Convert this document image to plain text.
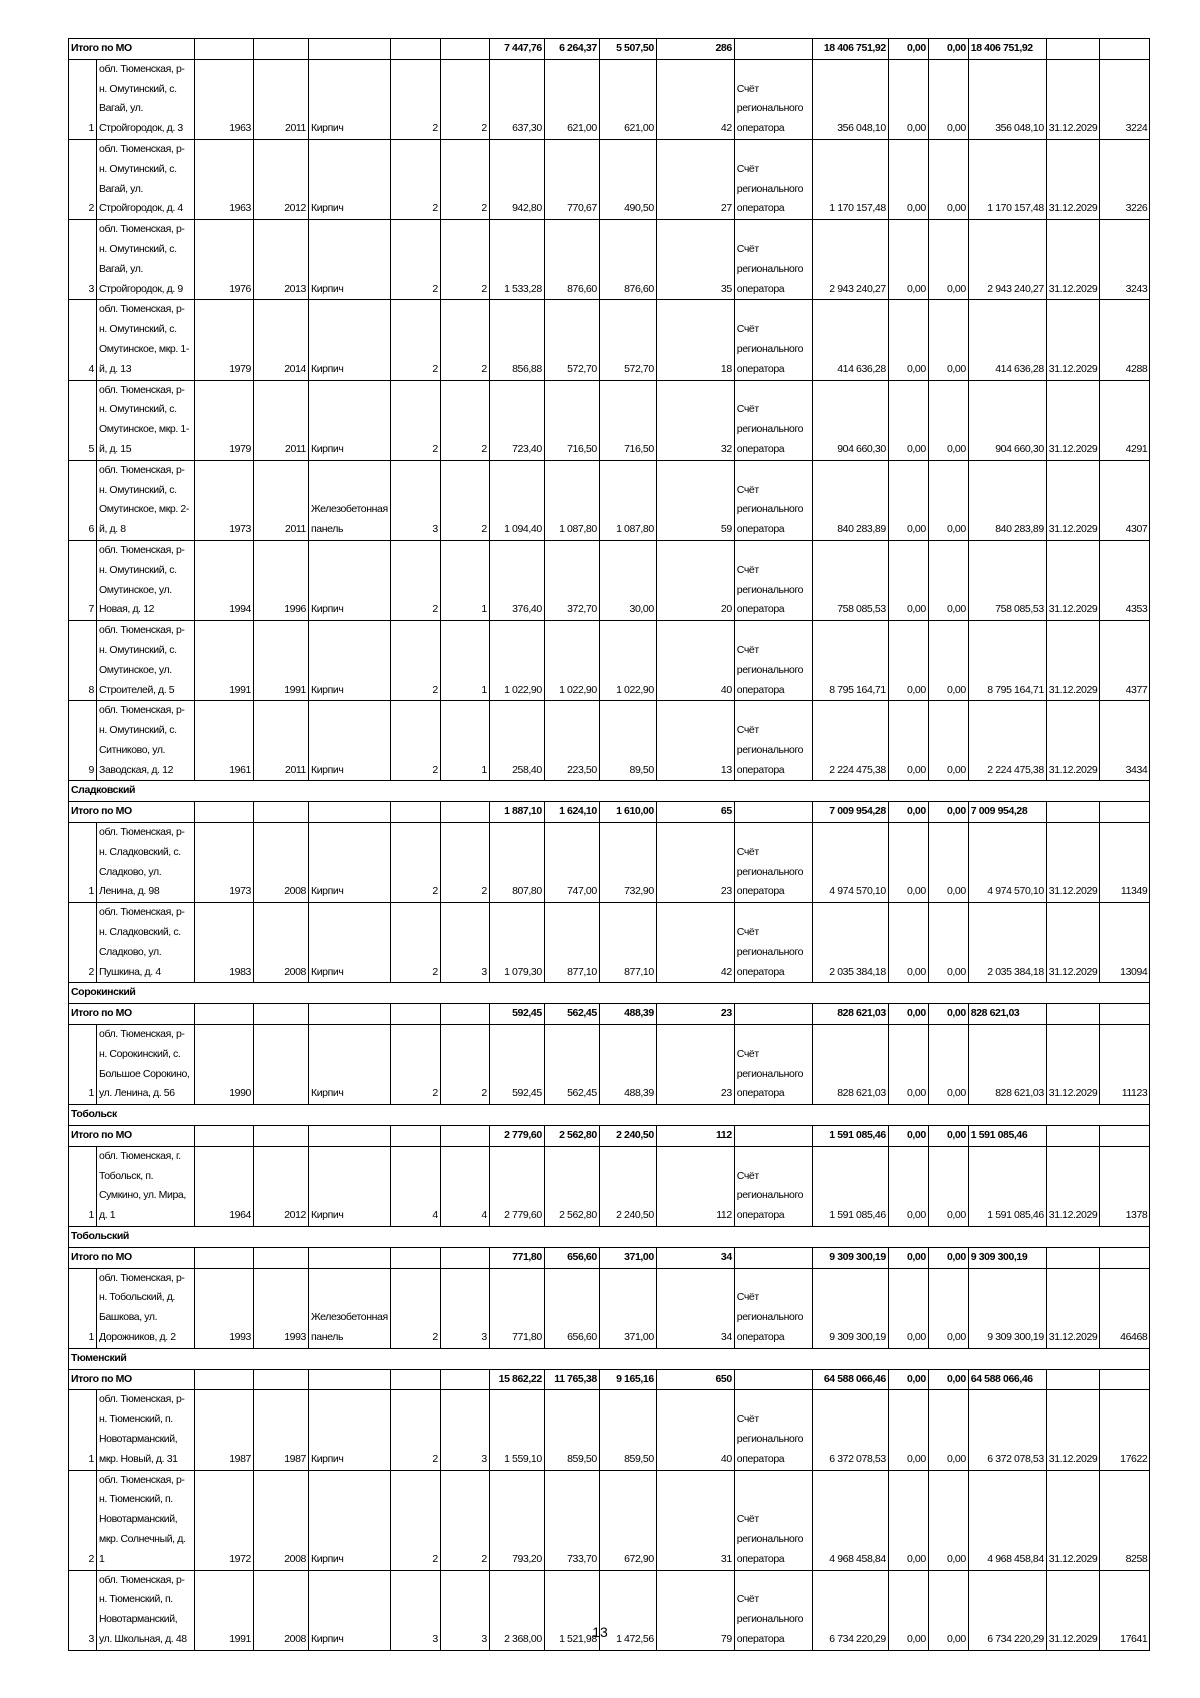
Итого по МО							7 447,76	6 264,37	5 507,50	286		18 406 751,92	0,00	0,00	18 406 751,92		
1	обл. Тюменская, р-н. Омутинский, с. Вагай, ул. Стройгородок, д. 3	1963	2011	Кирпич	2	2	637,30	621,00	621,00	42	Счёт регионального оператора	356 048,10	0,00	0,00	356 048,10	31.12.2029	3224
2	обл. Тюменская, р-н. Омутинский, с. Вагай, ул. Стройгородок, д. 4	1963	2012	Кирпич	2	2	942,80	770,67	490,50	27	Счёт регионального оператора	1 170 157,48	0,00	0,00	1 170 157,48	31.12.2029	3226
3	обл. Тюменская, р-н. Омутинский, с. Вагай, ул. Стройгородок, д. 9	1976	2013	Кирпич	2	2	1 533,28	876,60	876,60	35	Счёт регионального оператора	2 943 240,27	0,00	0,00	2 943 240,27	31.12.2029	3243
4	обл. Тюменская, р-н. Омутинский, с. Омутинское, мкр. 1-й, д. 13	1979	2014	Кирпич	2	2	856,88	572,70	572,70	18	Счёт регионального оператора	414 636,28	0,00	0,00	414 636,28	31.12.2029	4288
5	обл. Тюменская, р-н. Омутинский, с. Омутинское, мкр. 1-й, д. 15	1979	2011	Кирпич	2	2	723,40	716,50	716,50	32	Счёт регионального оператора	904 660,30	0,00	0,00	904 660,30	31.12.2029	4291
6	обл. Тюменская, р-н. Омутинский, с. Омутинское, мкр. 2-й, д. 8	1973	2011	Железобетонная панель	3	2	1 094,40	1 087,80	1 087,80	59	Счёт регионального оператора	840 283,89	0,00	0,00	840 283,89	31.12.2029	4307
7	обл. Тюменская, р-н. Омутинский, с. Омутинское, ул. Новая, д. 12	1994	1996	Кирпич	2	1	376,40	372,70	30,00	20	Счёт регионального оператора	758 085,53	0,00	0,00	758 085,53	31.12.2029	4353
8	обл. Тюменская, р-н. Омутинский, с. Омутинское, ул. Строителей, д. 5	1991	1991	Кирпич	2	1	1 022,90	1 022,90	1 022,90	40	Счёт регионального оператора	8 795 164,71	0,00	0,00	8 795 164,71	31.12.2029	4377
9	обл. Тюменская, р-н. Омутинский, с. Ситниково, ул. Заводская, д. 12	1961	2011	Кирпич	2	1	258,40	223,50	89,50	13	Счёт регионального оператора	2 224 475,38	0,00	0,00	2 224 475,38	31.12.2029	3434
Сладковский																	
Итого по МО							1 887,10	1 624,10	1 610,00	65		7 009 954,28	0,00	0,00	7 009 954,28		
1	обл. Тюменская, р-н. Сладковский, с. Сладково, ул. Ленина, д. 98	1973	2008	Кирпич	2	2	807,80	747,00	732,90	23	Счёт регионального оператора	4 974 570,10	0,00	0,00	4 974 570,10	31.12.2029	11349
2	обл. Тюменская, р-н. Сладковский, с. Сладково, ул. Пушкина, д. 4	1983	2008	Кирпич	2	3	1 079,30	877,10	877,10	42	Счёт регионального оператора	2 035 384,18	0,00	0,00	2 035 384,18	31.12.2029	13094
Сорокинский																	
Итого по МО							592,45	562,45	488,39	23		828 621,03	0,00	0,00	828 621,03		
1	обл. Тюменская, р-н. Сорокинский, с. Большое Сорокино, ул. Ленина, д. 56	1990		Кирпич	2	2	592,45	562,45	488,39	23	Счёт регионального оператора	828 621,03	0,00	0,00	828 621,03	31.12.2029	11123
Тобольск																	
Итого по МО							2 779,60	2 562,80	2 240,50	112		1 591 085,46	0,00	0,00	1 591 085,46		
1	обл. Тюменская, г. Тобольск, п. Сумкино, ул. Мира, д. 1	1964	2012	Кирпич	4	4	2 779,60	2 562,80	2 240,50	112	Счёт регионального оператора	1 591 085,46	0,00	0,00	1 591 085,46	31.12.2029	1378
Тобольский																	
Итого по МО							771,80	656,60	371,00	34		9 309 300,19	0,00	0,00	9 309 300,19		
1	обл. Тюменская, р-н. Тобольский, д. Башкова, ул. Дорожников, д. 2	1993	1993	Железобетонная панель	2	3	771,80	656,60	371,00	34	Счёт регионального оператора	9 309 300,19	0,00	0,00	9 309 300,19	31.12.2029	46468
Тюменский																	
Итого по МО							15 862,22	11 765,38	9 165,16	650		64 588 066,46	0,00	0,00	64 588 066,46		
1	обл. Тюменская, р-н. Тюменский, п. Новотарманский, мкр. Новый, д. 31	1987	1987	Кирпич	2	3	1 559,10	859,50	859,50	40	Счёт регионального оператора	6 372 078,53	0,00	0,00	6 372 078,53	31.12.2029	17622
2	обл. Тюменская, р-н. Тюменский, п. Новотарманский, мкр. Солнечный, д. 1	1972	2008	Кирпич	2	2	793,20	733,70	672,90	31	Счёт регионального оператора	4 968 458,84	0,00	0,00	4 968 458,84	31.12.2029	8258
3	обл. Тюменская, р-н. Тюменский, п. Новотарманский, ул. Школьная, д. 48	1991	2008	Кирпич	3	3	2 368,00	1 521,98	1 472,56	79	Счёт регионального оператора	6 734 220,29	0,00	0,00	6 734 220,29	31.12.2029	17641
13
